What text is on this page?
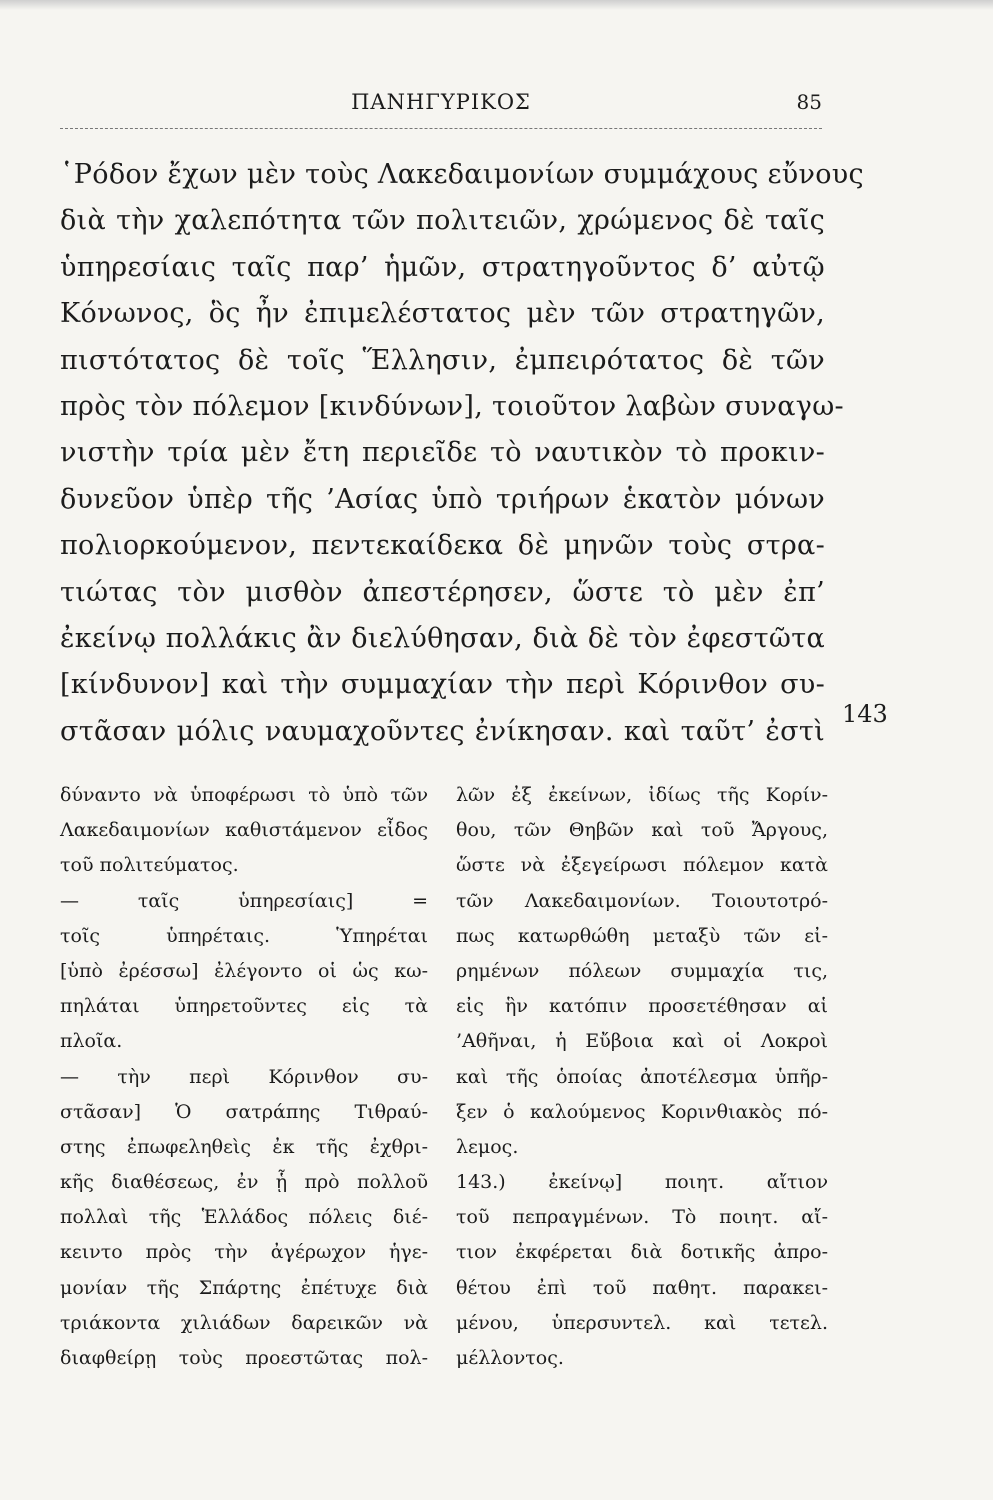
ΠΑΝΗΓΥΡΙΚΟΣ	85
῾Ρόδον ἔχων μὲν τοὺς Λακεδαιμονίων συμμάχους εὔνους
διὰ τὴν χαλεπότητα τῶν πολιτειῶν, χρώμενος δὲ ταῖς
ὑπηρεσίαις ταῖς παρ’ ἡμῶν, στρατηγοῦντος δ’ αὐτῷ
Κόνωνος, ὃς ἦν ἐπιμελέστατος μὲν τῶν στρατηγῶν,
πιστότατος δὲ τοῖς Ἕλλησιν, ἐμπειρότατος δὲ τῶν
πρὸς τὸν πόλεμον [κινδύνων], τοιοῦτον λαβὼν συναγω-
νιστὴν τρία μὲν ἔτη περιεῖδε τὸ ναυτικὸν τὸ προκιν-
δυνεῦον ὑπὲρ τῆς ’Ασίας ὑπὸ τριήρων ἑκατὸν μόνων
πολιορκούμενον, πεντεκαίδεκα δὲ μηνῶν τοὺς στρα-
τιώτας τὸν μισθὸν ἀπεστέρησεν, ὥστε τὸ μὲν ἐπ’
ἐκείνῳ πολλάκις ἂν διελύθησαν, διὰ δὲ τὸν ἐφεστῶτα
[κίνδυνον] καὶ τὴν συμμαχίαν τὴν περὶ Κόρινθον συ-
στᾶσαν μόλις ναυμαχοῦντες ἐνίκησαν. καὶ ταῦτ’ ἐστὶ
143
δύναντο νὰ ὑποφέρωσι τὸ ὑπὸ τῶν
Λακεδαιμονίων καθιστάμενον εἶδος
τοῦ πολιτεύματος.
— ταῖς ὑπηρεσίαις] =
τοῖς ὑπηρέταις. Ὑπηρέται
[ὑπὸ ἐρέσσω] ἐλέγοντο οἱ ὡς κω-
πηλάται ὑπηρετοῦντες εἰς τὰ
πλοῖα.
— τὴν περὶ Κόρινθον συ-
στᾶσαν] Ὁ σατράπης Τιθραύ-
στης ἐπωφεληθεὶς ἐκ τῆς ἐχθρι-
κῆς διαθέσεως, ἐν ᾗ πρὸ πολλοῦ
πολλαὶ τῆς Ἑλλάδος πόλεις διέ-
κειντο πρὸς τὴν ἀγέρωχον ἡγε-
μονίαν τῆς Σπάρτης ἐπέτυχε διὰ
τριάκοντα χιλιάδων δαρεικῶν νὰ
διαφθείρῃ τοὺς προεστῶτας πολ-
λῶν ἐξ ἐκείνων, ἰδίως τῆς Κορίν-
θου, τῶν Θηβῶν καὶ τοῦ Ἄργους,
ὥστε νὰ ἐξεγείρωσι πόλεμον κατὰ
τῶν Λακεδαιμονίων. Τοιουτοτρό-
πως κατωρθώθη μεταξὺ τῶν εἰ-
ρημένων πόλεων συμμαχία τις,
εἰς ἣν κατόπιν προσετέθησαν αἱ
’Αθῆναι, ἡ Εὔβοια καὶ οἱ Λοκροὶ
καὶ τῆς ὁποίας ἀποτέλεσμα ὑπῆρ-
ξεν ὁ καλούμενος Κορινθιακὸς πό-
λεμος.
143.) ἐκείνῳ] ποιητ. αἴτιον
τοῦ πεπραγμένων. Τὸ ποιητ. αἴ-
τιον ἐκφέρεται διὰ δοτικῆς ἀπρο-
θέτου ἐπὶ τοῦ παθητ. παρακει-
μένου, ὑπερσυντελ. καὶ τετελ.
μέλλοντος.
